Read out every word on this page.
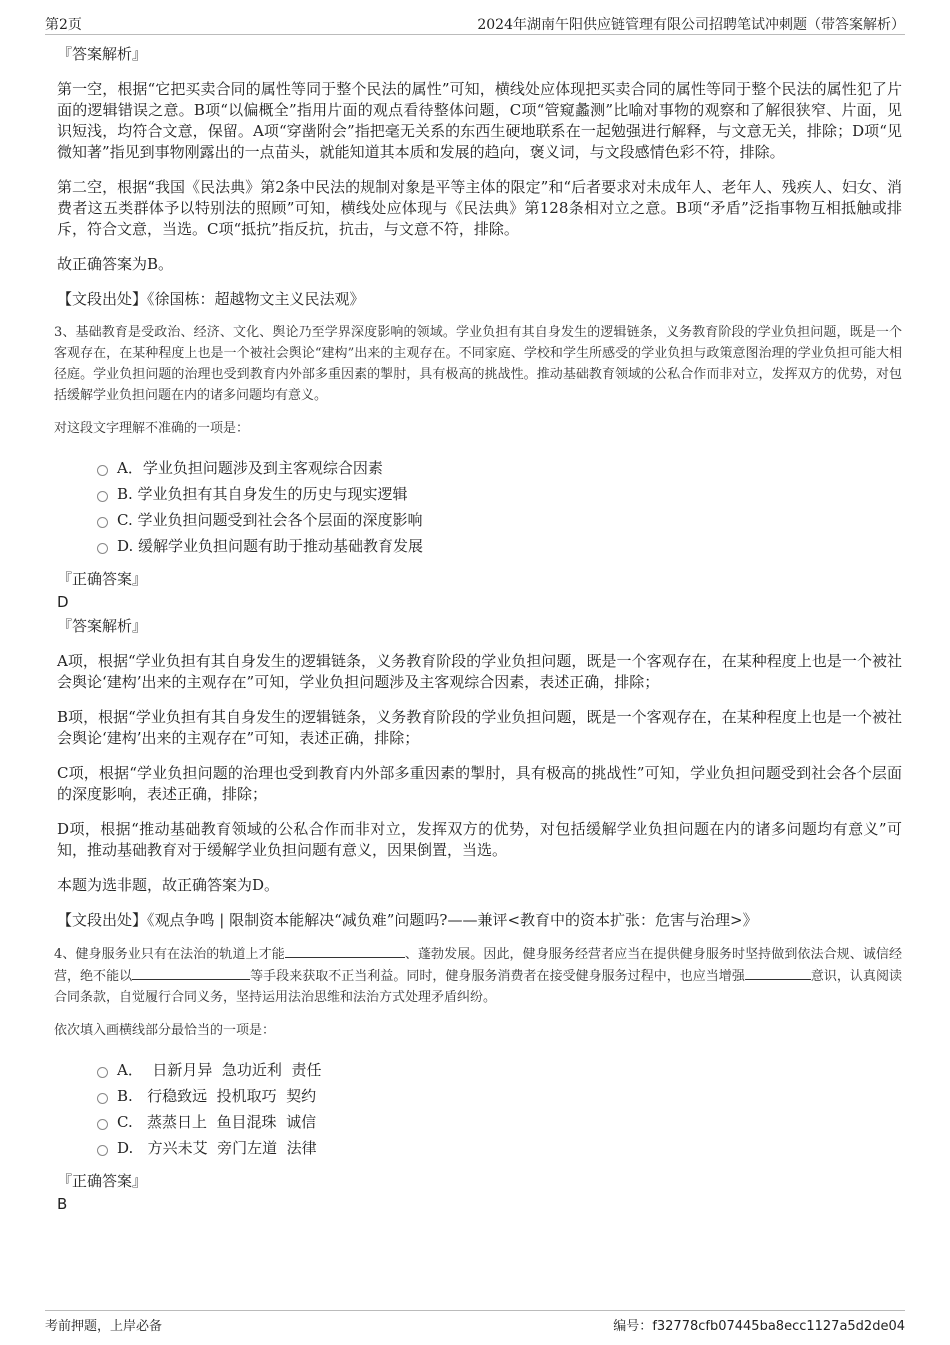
第2页	2024年湖南午阳供应链管理有限公司招聘笔试冲刺题（带答案解析）
『答案解析』

第一空，根据“它把买卖合同的属性等同于整个民法的属性”可知，横线处应体现把买卖合同的属性等同于整个民法的属性犯了片面的逻辑错误之意。B项“以偏概全”指用片面的观点看待整体问题，C项“管窥蠡测”比喻对事物的观察和了解很狭窄、片面，见识短浅，均符合文意，保留。A项“穿凿附会”指把毫无关系的东西生硬地联系在一起勉强进行解释，与文意无关，排除；D项“见微知著”指见到事物刚露出的一点苗头，就能知道其本质和发展的趋向，褒义词，与文段感情色彩不符，排除。

第二空，根据“我国《民法典》第2条中民法的规制对象是平等主体的限定”和“后者要求对未成年人、老年人、残疾人、妇女、消费者这五类群体予以特别法的照顾”可知，横线处应体现与《民法典》第128条相对立之意。B项“矛盾”泛指事物互相抵触或排斥，符合文意，当选。C项“抵抗”指反抗，抗击，与文意不符，排除。

故正确答案为B。

【文段出处】《徐国栋：超越物文主义民法观》

3、基础教育是受政治、经济、文化、舆论乃至学界深度影响的领域。学业负担有其自身发生的逻辑链条，义务教育阶段的学业负担问题，既是一个客观存在，在某种程度上也是一个被社会舆论“建构”出来的主观存在。不同家庭、学校和学生所感受的学业负担与政策意图治理的学业负担可能大相径庭。学业负担问题的治理也受到教育内外部多重因素的掣肘，具有极高的挑战性。推动基础教育领域的公私合作而非对立，发挥双方的优势，对包括缓解学业负担问题在内的诸多问题均有意义。

对这段文字理解不准确的一项是：

A．学业负担问题涉及到主客观综合因素
B. 学业负担有其自身发生的历史与现实逻辑
C. 学业负担问题受到社会各个层面的深度影响
D. 缓解学业负担问题有助于推动基础教育发展
『正确答案』
D
『答案解析』

A项，根据“学业负担有其自身发生的逻辑链条，义务教育阶段的学业负担问题，既是一个客观存在，在某种程度上也是一个被社会舆论‘建构’出来的主观存在”可知，学业负担问题涉及主客观综合因素，表述正确，排除；

B项，根据“学业负担有其自身发生的逻辑链条，义务教育阶段的学业负担问题，既是一个客观存在，在某种程度上也是一个被社会舆论‘建构’出来的主观存在”可知，表述正确，排除；

C项，根据“学业负担问题的治理也受到教育内外部多重因素的掣肘，具有极高的挑战性”可知，学业负担问题受到社会各个层面的深度影响，表述正确，排除；

D项，根据“推动基础教育领域的公私合作而非对立，发挥双方的优势，对包括缓解学业负担问题在内的诸多问题均有意义”可知，推动基础教育对于缓解学业负担问题有意义，因果倒置，当选。

本题为选非题，故正确答案为D。

【文段出处】《观点争鸣 | 限制资本能解决“减负难”问题吗?——兼评<教育中的资本扩张：危害与治理>》

4、健身服务业只有在法治的轨道上才能	、蓬勃发展。因此，健身服务经营者应当在提供健身服务时坚持做到依法合规、诚信经营，绝不能以	等手段来获取不正当利益。同时，健身服务消费者在接受健身服务过程中，也应当增强	意识，认真阅读合同条款，自觉履行合同义务，坚持运用法治思维和法治方式处理矛盾纠纷。

依次填入画横线部分最恰当的一项是：

A．  日新月异  急功近利  责任
B.   行稳致远  投机取巧  契约
C.   蒸蒸日上  鱼目混珠  诚信
D.   方兴未艾  旁门左道  法律
『正确答案』
B
考前押题，上岸必备	编号：f32778cfb07445ba8ecc1127a5d2de04
